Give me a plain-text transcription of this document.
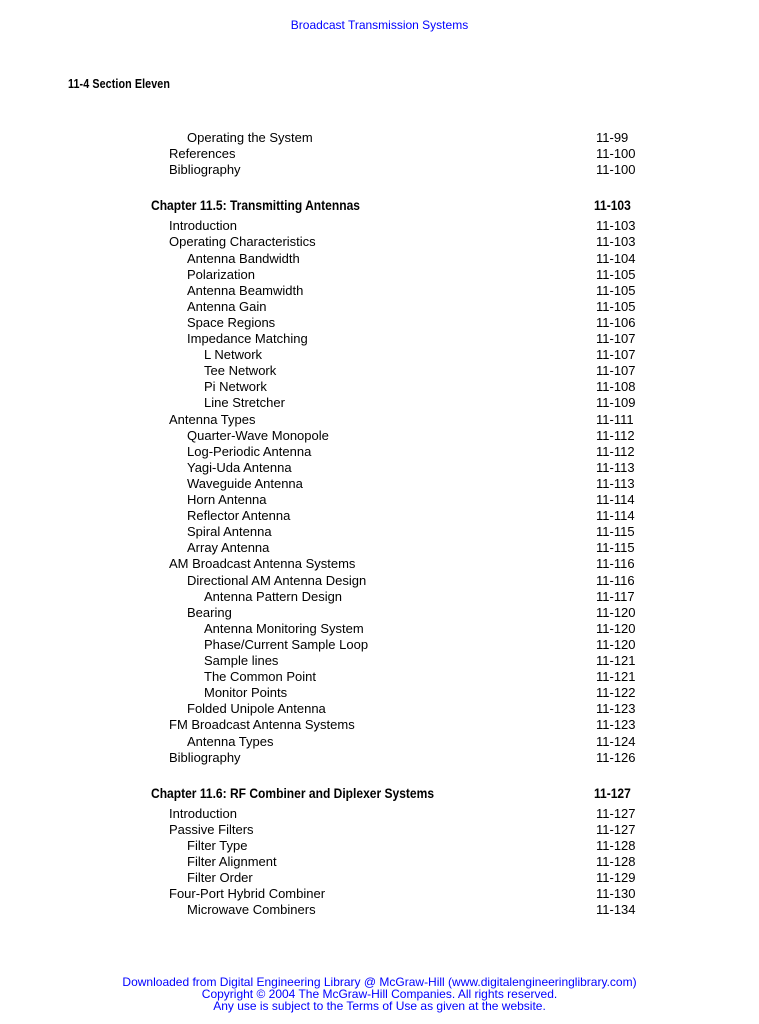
Broadcast Transmission Systems
11-4 Section Eleven
Operating the System	11-99
References	11-100
Bibliography	11-100
Chapter 11.5: Transmitting Antennas	11-103
Introduction	11-103
Operating Characteristics	11-103
Antenna Bandwidth	11-104
Polarization	11-105
Antenna Beamwidth	11-105
Antenna Gain	11-105
Space Regions	11-106
Impedance Matching	11-107
L Network	11-107
Tee Network	11-107
Pi Network	11-108
Line Stretcher	11-109
Antenna Types	11-111
Quarter-Wave Monopole	11-112
Log-Periodic Antenna	11-112
Yagi-Uda Antenna	11-113
Waveguide Antenna	11-113
Horn Antenna	11-114
Reflector Antenna	11-114
Spiral Antenna	11-115
Array Antenna	11-115
AM Broadcast Antenna Systems	11-116
Directional AM Antenna Design	11-116
Antenna Pattern Design	11-117
Bearing	11-120
Antenna Monitoring System	11-120
Phase/Current Sample Loop	11-120
Sample lines	11-121
The Common Point	11-121
Monitor Points	11-122
Folded Unipole Antenna	11-123
FM Broadcast Antenna Systems	11-123
Antenna Types	11-124
Bibliography	11-126
Chapter 11.6: RF Combiner and Diplexer Systems	11-127
Introduction	11-127
Passive Filters	11-127
Filter Type	11-128
Filter Alignment	11-128
Filter Order	11-129
Four-Port Hybrid Combiner	11-130
Microwave Combiners	11-134
Downloaded from Digital Engineering Library @ McGraw-Hill (www.digitalengineeringlibrary.com)
Copyright © 2004 The McGraw-Hill Companies. All rights reserved.
Any use is subject to the Terms of Use as given at the website.
